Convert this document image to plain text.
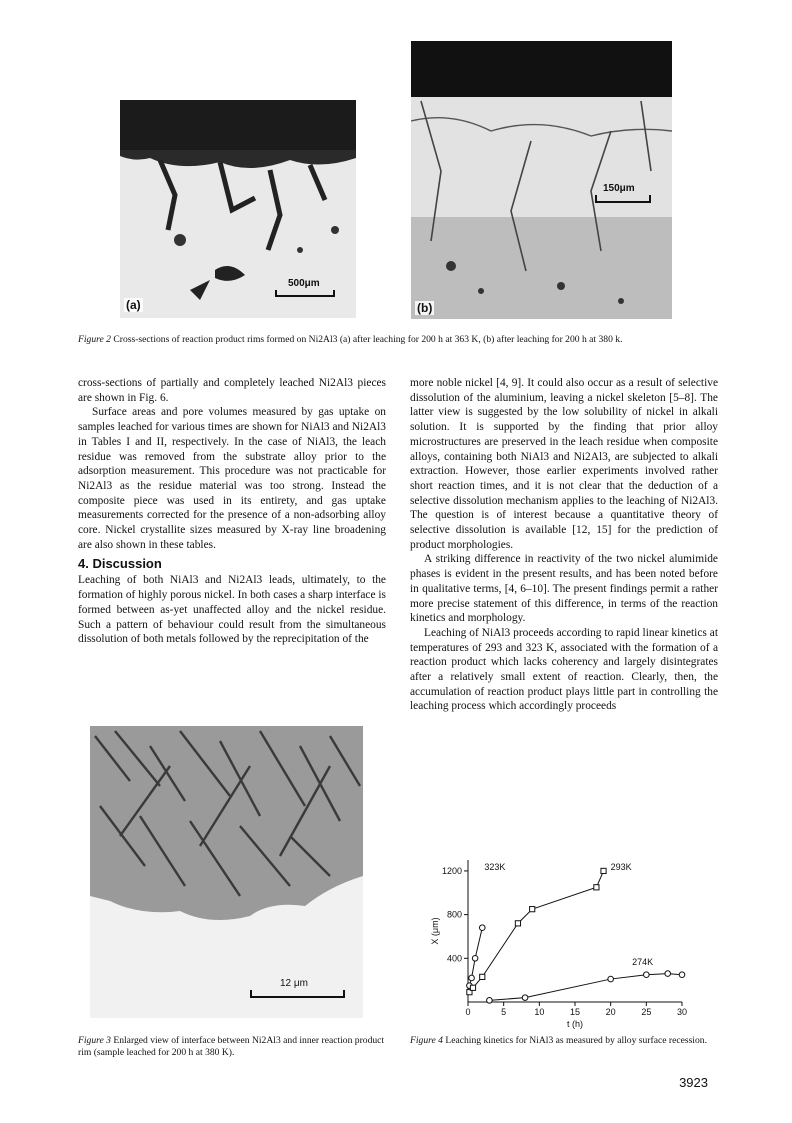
(a)
500μm
(b)
150μm
Figure 2 Cross-sections of reaction product rims formed on Ni2Al3 (a) after leaching for 200 h at 363 K, (b) after leaching for 200 h at 380 k.

cross-sections of partially and completely leached Ni2Al3 pieces are shown in Fig. 6.

Surface areas and pore volumes measured by gas uptake on samples leached for various times are shown for NiAl3 and Ni2Al3 in Tables I and II, respectively. In the case of NiAl3, the leach residue was removed from the substrate alloy prior to the adsorption measurement. This procedure was not practicable for Ni2Al3 as the residue material was too strong. Instead the composite piece was used in its entirety, and gas uptake measurements corrected for the presence of a non-adsorbing alloy core. Nickel crystallite sizes measured by X-ray line broadening are also shown in these tables.

4. Discussion

Leaching of both NiAl3 and Ni2Al3 leads, ultimately, to the formation of highly porous nickel. In both cases a sharp interface is formed between as-yet unaffected alloy and the nickel residue. Such a pattern of behaviour could result from the simultaneous dissolution of both metals followed by the reprecipitation of the

more noble nickel [4, 9]. It could also occur as a result of selective dissolution of the aluminium, leaving a nickel skeleton [5–8]. The latter view is suggested by the low solubility of nickel in alkali solution. It is supported by the finding that prior alloy microstructures are preserved in the leach residue when composite alloys, containing both NiAl3 and Ni2Al3, are subjected to alkali extraction. However, those earlier experiments involved rather short reaction times, and it is not clear that the deduction of a selective dissolution mechanism applies to the leaching of Ni2Al3. The question is of interest because a quantitative theory of selective dissolution is available [12, 15] for the prediction of product morphologies.

A striking difference in reactivity of the two nickel alumimide phases is evident in the present results, and has been noted before in qualitative terms, [4, 6–10]. The present findings permit a rather more precise statement of this difference, in terms of the reaction kinetics and morphology.

Leaching of NiAl3 proceeds according to rapid linear kinetics at temperatures of 293 and 323 K, associated with the formation of a reaction product which lacks coherency and largely disintegrates after a relatively small extent of reaction. Clearly, then, the accumulation of reaction product plays little part in controlling the leaching process which accordingly proceeds

12 μm
Figure 3 Enlarged view of interface between Ni2Al3 and inner reaction product rim (sample leached for 200 h at 380 K).
0	5	10	15	20	25	30
400
800
1200
t (h)
X (μm)
323K	293K
274K
Figure 4 Leaching kinetics for NiAl3 as measured by alloy surface recession.
3923
